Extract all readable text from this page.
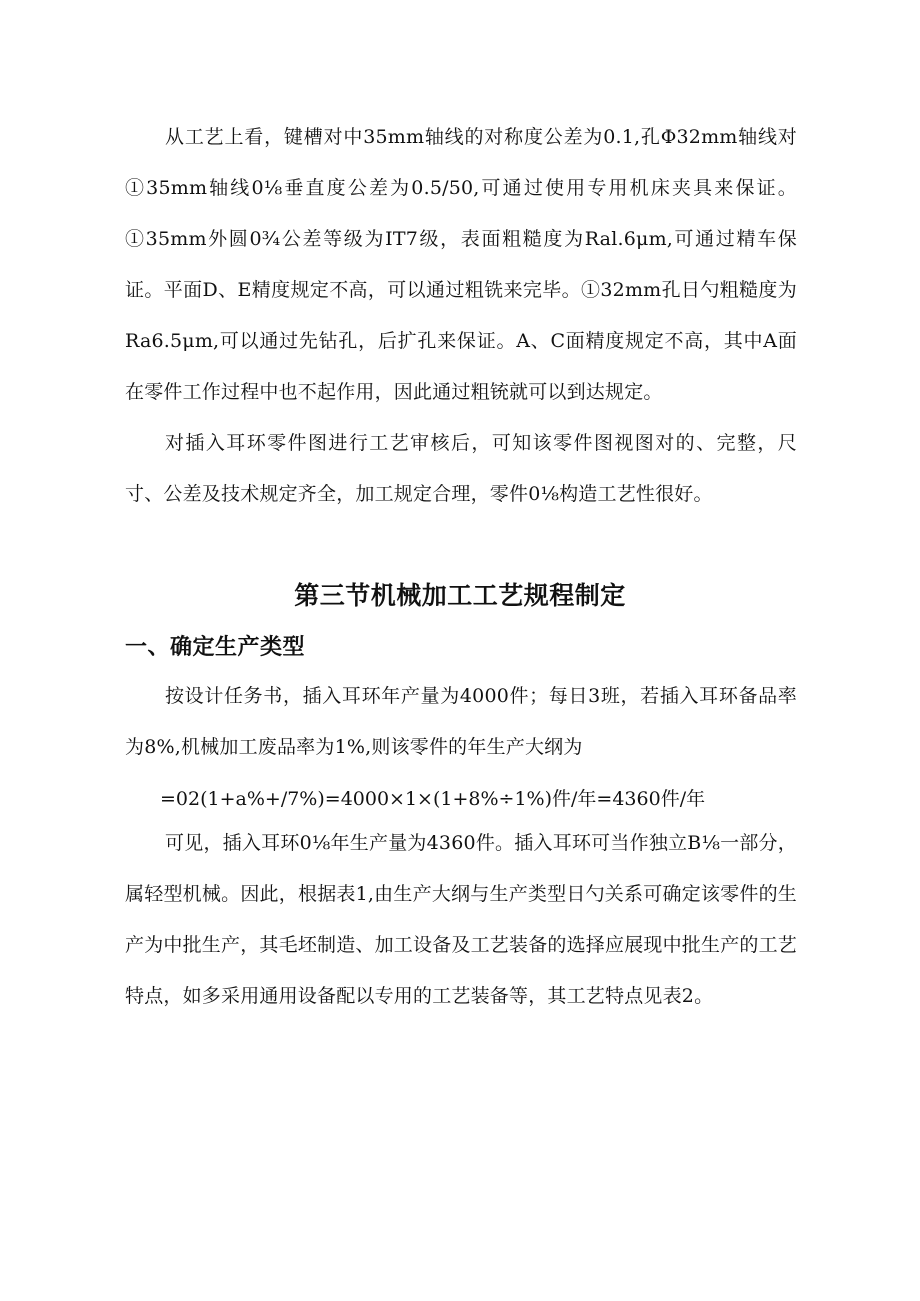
从工艺上看，键槽对中35mm轴线的对称度公差为0.1,孔Φ32mm轴线对①35mm轴线0⅛垂直度公差为0.5/50,可通过使用专用机床夹具来保证。①35mm外圆0¾公差等级为IT7级，表面粗糙度为Ral.6μm,可通过精车保证。平面D、E精度规定不高，可以通过粗铣来完毕。①32mm孔日勺粗糙度为Ra6.5μm,可以通过先钻孔，后扩孔来保证。A、C面精度规定不高，其中A面在零件工作过程中也不起作用，因此通过粗铳就可以到达规定。

对插入耳环零件图进行工艺审核后，可知该零件图视图对的、完整，尺寸、公差及技术规定齐全，加工规定合理，零件0⅛构造工艺性很好。

第三节机械加工工艺规程制定
一、确定生产类型

按设计任务书，插入耳环年产量为4000件；每日3班，若插入耳环备品率为8%,机械加工废品率为1%,则该零件的年生产大纲为

=02(1+a%+/7%)=4000×1×(1+8%÷1%)件/年=4360件/年

可见，插入耳环0⅛年生产量为4360件。插入耳环可当作独立B⅛一部分，属轻型机械。因此，根据表1,由生产大纲与生产类型日勺关系可确定该零件的生产为中批生产，其毛坯制造、加工设备及工艺装备的选择应展现中批生产的工艺特点，如多采用通用设备配以专用的工艺装备等，其工艺特点见表2。
